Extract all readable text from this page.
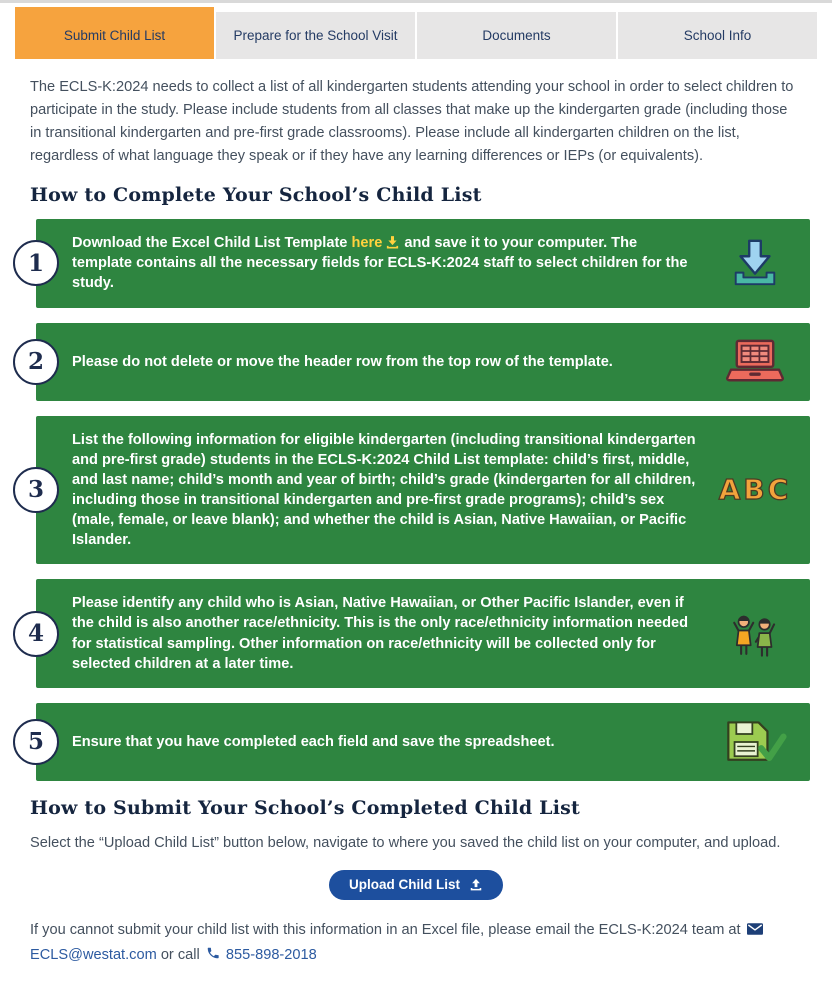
Submit Child List	Prepare for the School Visit	Documents	School Info

The ECLS-K:2024 needs to collect a list of all kindergarten students attending your school in order to select children to participate in the study. Please include students from all classes that make up the kindergarten grade (including those in transitional kindergarten and pre-first grade classrooms). Please include all kindergarten children on the list, regardless of what language they speak or if they have any learning differences or IEPs (or equivalents).

How to Complete Your School’s Child List
1

Download the Excel Child List Template here and save it to your computer. The template contains all the necessary fields for ECLS-K:2024 staff to select children for the study.

2	Please do not delete or move the header row from the top row of the template.

3

List the following information for eligible kindergarten (including transitional kindergarten and pre-first grade) students in the ECLS-K:2024 Child List template: child’s first, middle, and last name; child’s month and year of birth; child’s grade (kindergarten for all children, including those in transitional kindergarten and pre-first grade programs); child’s sex (male, female, or leave blank); and whether the child is Asian, Native Hawaiian, or Pacific Islander.

ABC
4

Please identify any child who is Asian, Native Hawaiian, or Other Pacific Islander, even if the child is also another race/ethnicity. This is the only race/ethnicity information needed for statistical sampling. Other information on race/ethnicity will be collected only for selected children at a later time.

5	Ensure that you have completed each field and save the spreadsheet.

How to Submit Your School’s Completed Child List

Select the “Upload Child List” button below, navigate to where you saved the child list on your computer, and upload.

Upload Child List

If you cannot submit your child list with this information in an Excel file, please email the ECLS-K:2024 team at
ECLS@westat.com or call 855-898-2018
